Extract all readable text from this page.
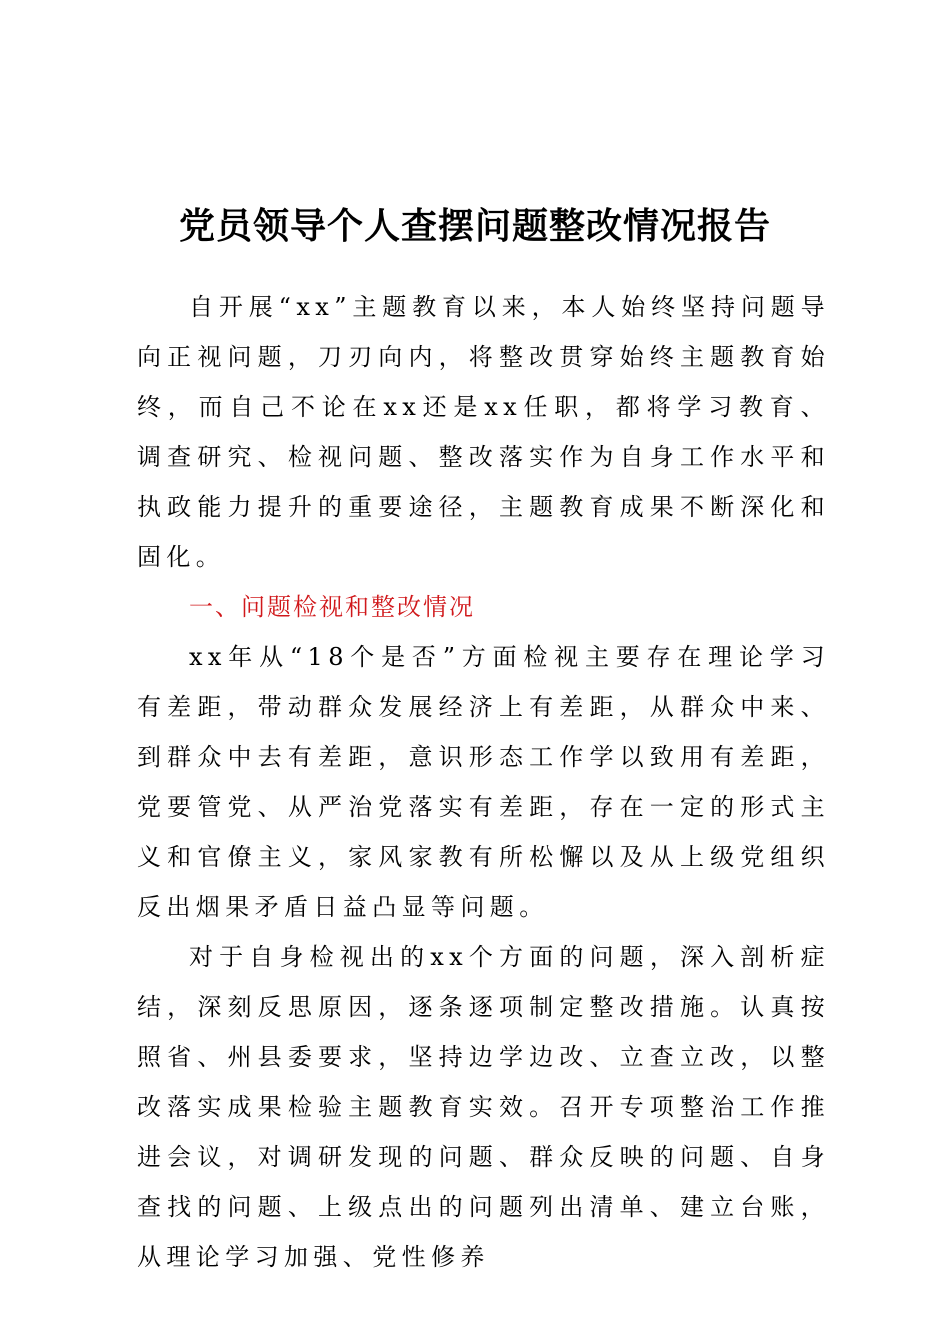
党员领导个人查摆问题整改情况报告

自开展“xx”主题教育以来，本人始终坚持问题导向正视问题，刀刃向内，将整改贯穿始终主题教育始终，而自己不论在xx还是xx任职，都将学习教育、调查研究、检视问题、整改落实作为自身工作水平和执政能力提升的重要途径，主题教育成果不断深化和固化。

一、问题检视和整改情况

xx年从“18个是否”方面检视主要存在理论学习有差距，带动群众发展经济上有差距，从群众中来、到群众中去有差距，意识形态工作学以致用有差距，党要管党、从严治党落实有差距，存在一定的形式主义和官僚主义，家风家教有所松懈以及从上级党组织反出烟果矛盾日益凸显等问题。

对于自身检视出的xx个方面的问题，深入剖析症结，深刻反思原因，逐条逐项制定整改措施。认真按照省、州县委要求，坚持边学边改、立查立改，以整改落实成果检验主题教育实效。召开专项整治工作推进会议，对调研发现的问题、群众反映的问题、自身查找的问题、上级点出的问题列出清单、建立台账，从理论学习加强、党性修养
